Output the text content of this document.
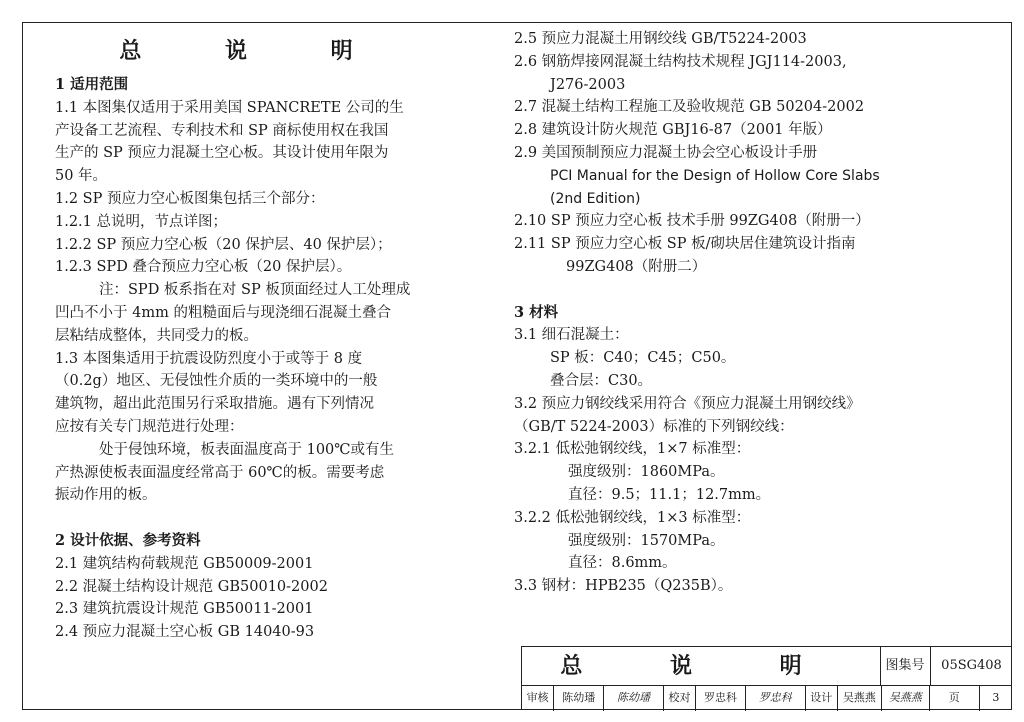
总 说 明
1 适用范围
1.1 本图集仅适用于采用美国 SPANCRETE 公司的生
产设备工艺流程、专利技术和 SP 商标使用权在我国
生产的 SP 预应力混凝土空心板。其设计使用年限为
50 年。
1.2 SP 预应力空心板图集包括三个部分：
1.2.1 总说明，节点详图；
1.2.2 SP 预应力空心板（20 保护层、40 保护层）；
1.2.3 SPD 叠合预应力空心板（20 保护层）。
注：SPD 板系指在对 SP 板顶面经过人工处理成
凹凸不小于 4mm 的粗糙面后与现浇细石混凝土叠合
层粘结成整体，共同受力的板。
1.3 本图集适用于抗震设防烈度小于或等于 8 度
（0.2g）地区、无侵蚀性介质的一类环境中的一般
建筑物，超出此范围另行采取措施。遇有下列情况
应按有关专门规范进行处理：
处于侵蚀环境，板表面温度高于 100℃或有生
产热源使板表面温度经常高于 60℃的板。需要考虑
振动作用的板。
2 设计依据、参考资料
2.1 建筑结构荷载规范 GB50009-2001
2.2 混凝土结构设计规范 GB50010-2002
2.3 建筑抗震设计规范 GB50011-2001
2.4 预应力混凝土空心板 GB 14040-93
2.5 预应力混凝土用钢绞线 GB/T5224-2003
2.6 钢筋焊接网混凝土结构技术规程 JGJ114-2003,
J276-2003
2.7 混凝土结构工程施工及验收规范 GB 50204-2002
2.8 建筑设计防火规范 GBJ16-87（2001 年版）
2.9 美国预制预应力混凝土协会空心板设计手册
PCI Manual for the Design of Hollow Core Slabs
(2nd Edition)
2.10 SP 预应力空心板 技术手册 99ZG408（附册一）
2.11 SP 预应力空心板 SP 板/砌块居住建筑设计指南
99ZG408（附册二）
3 材料
3.1 细石混凝土：
SP 板：C40；C45；C50。
叠合层：C30。
3.2 预应力钢绞线采用符合《预应力混凝土用钢绞线》
（GB/T 5224-2003）标准的下列钢绞线：
3.2.1 低松弛钢绞线，1×7 标准型：
强度级别：1860MPa。
直径：9.5；11.1；12.7mm。
3.2.2 低松弛钢绞线，1×3 标准型：
强度级别：1570MPa。
直径：8.6mm。
3.3 钢材：HPB235（Q235B）。
总 说 明	图集号	05SG408
审核	陈幼璠	陈幼璠	校对	罗忠科	罗忠科	设计 吴燕燕	吴燕燕	页	3
